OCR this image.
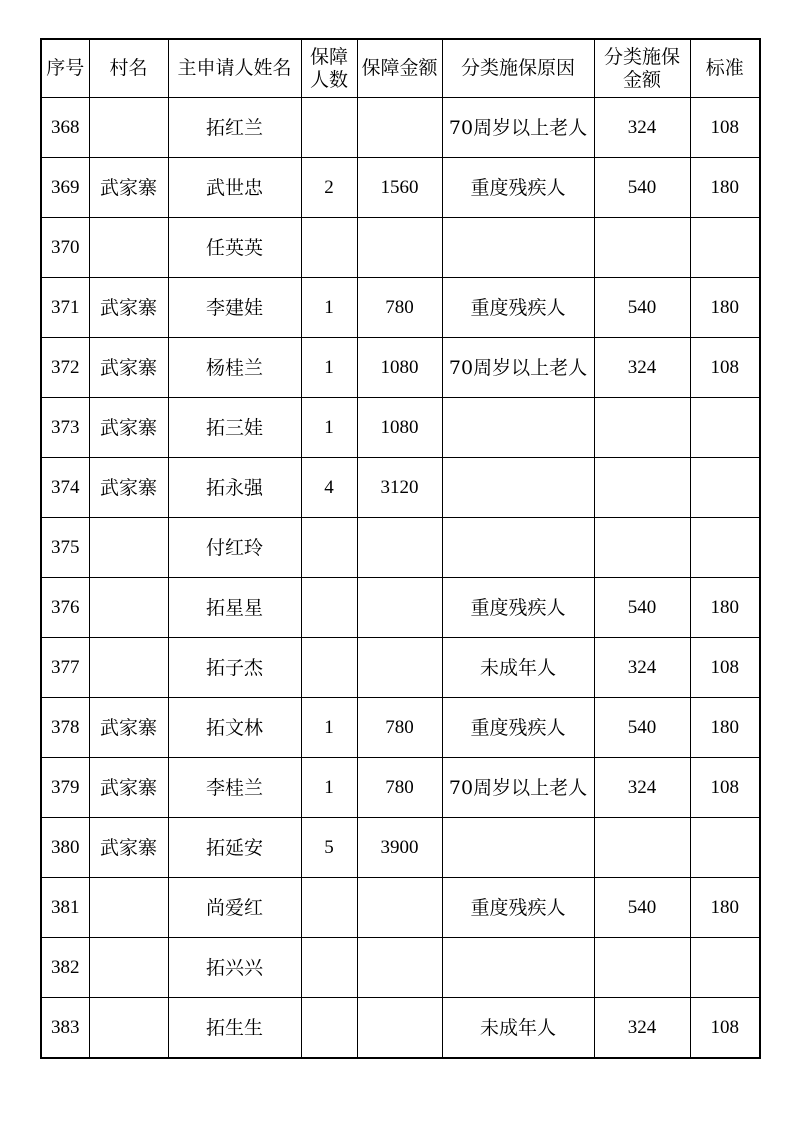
序号	村名	主申请人姓名	保障人数	保障金额	分类施保原因	分类施保金额	标准
368		拓红兰			70周岁以上老人	324	108
369	武家寨	武世忠	2	1560	重度残疾人	540	180
370		任英英					
371	武家寨	李建娃	1	780	重度残疾人	540	180
372	武家寨	杨桂兰	1	1080	70周岁以上老人	324	108
373	武家寨	拓三娃	1	1080			
374	武家寨	拓永强	4	3120			
375		付红玲					
376		拓星星			重度残疾人	540	180
377		拓子杰			未成年人	324	108
378	武家寨	拓文林	1	780	重度残疾人	540	180
379	武家寨	李桂兰	1	780	70周岁以上老人	324	108
380	武家寨	拓延安	5	3900			
381		尚爱红			重度残疾人	540	180
382		拓兴兴					
383		拓生生			未成年人	324	108
